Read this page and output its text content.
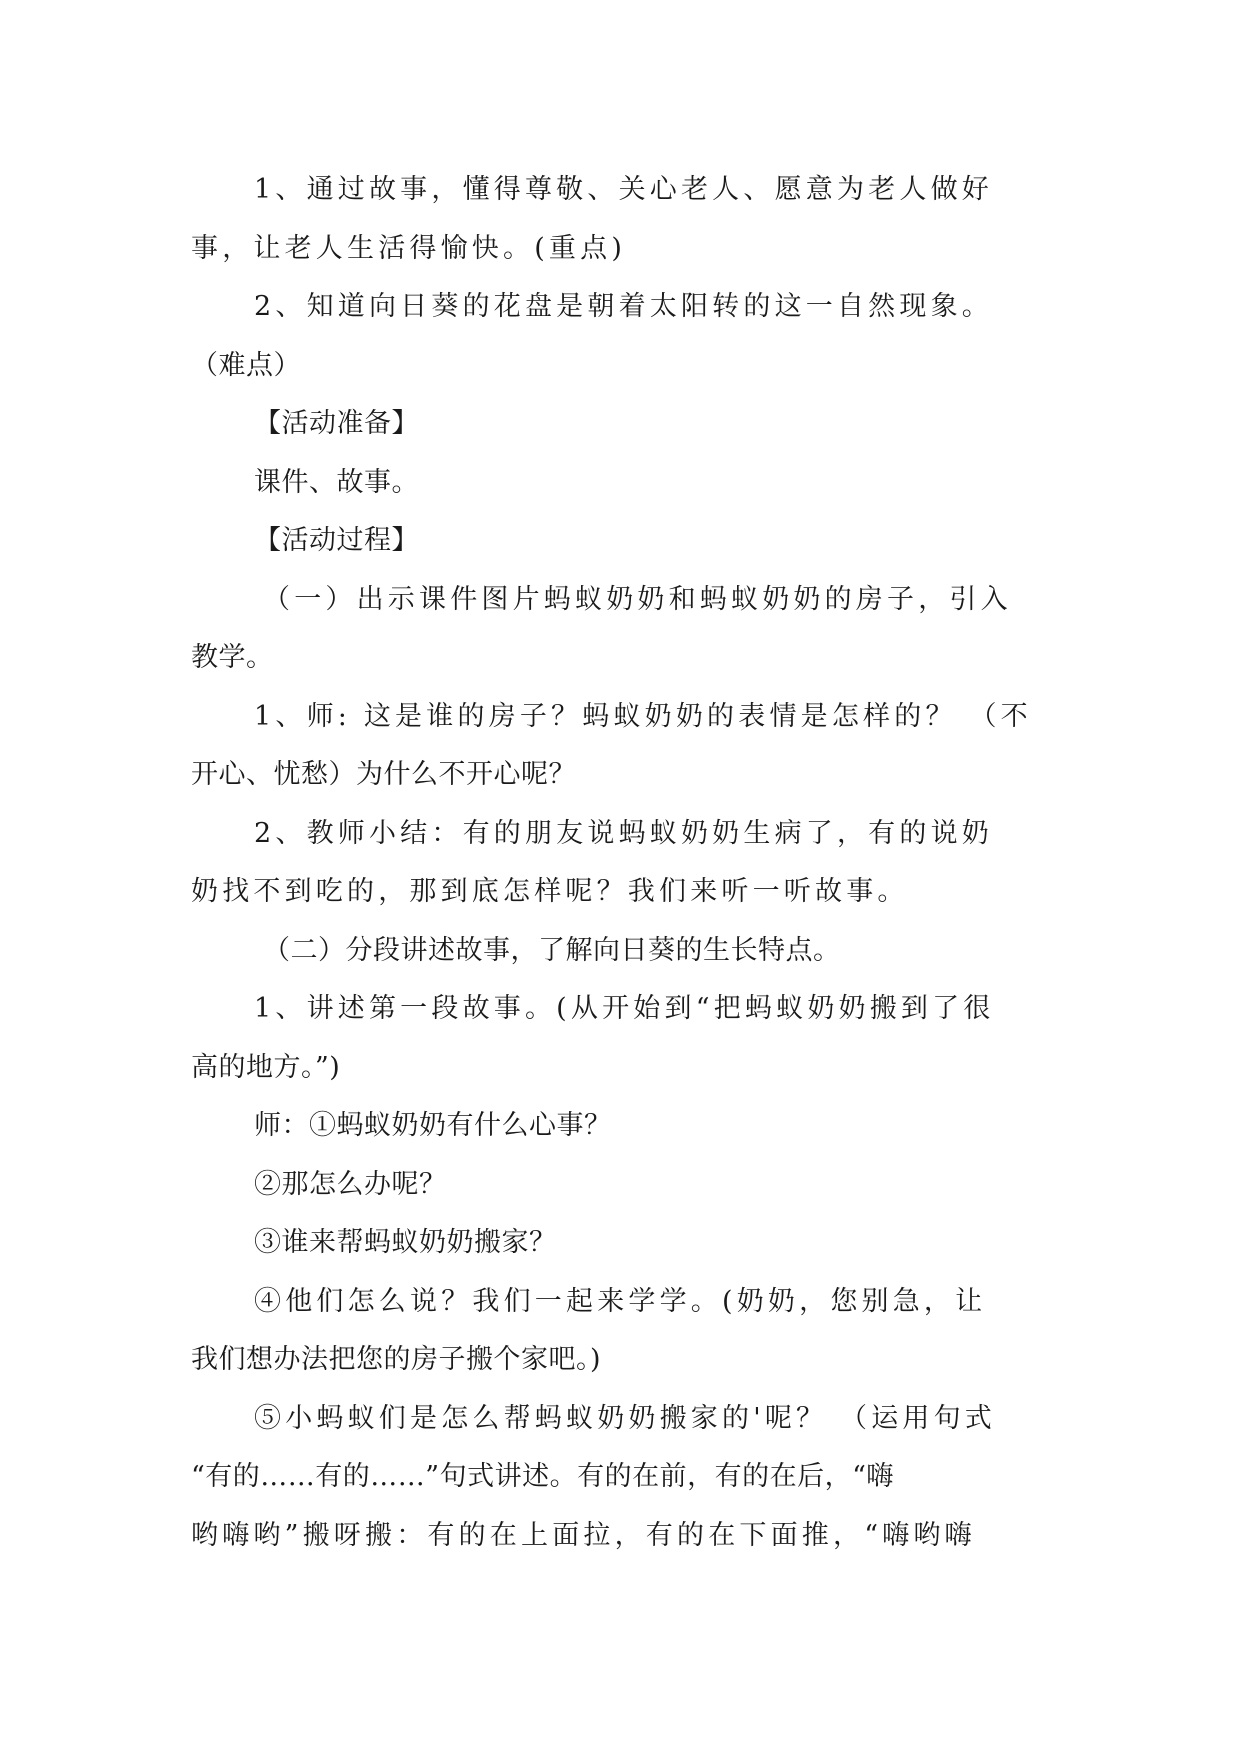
1、通过故事，懂得尊敬、关心老人、愿意为老人做好
事，让老人生活得愉快。(重点)
2、知道向日葵的花盘是朝着太阳转的这一自然现象。
（难点）
【活动准备】
课件、故事。
【活动过程】
（一）出示课件图片蚂蚁奶奶和蚂蚁奶奶的房子，引入
教学。
1、师: 这是谁的房子？蚂蚁奶奶的表情是怎样的？ （不
开心、忧愁）为什么不开心呢？
2、教师小结：有的朋友说蚂蚁奶奶生病了，有的说奶
奶找不到吃的，那到底怎样呢？我们来听一听故事。
（二）分段讲述故事，了解向日葵的生长特点。
1、讲述第一段故事。(从开始到“把蚂蚁奶奶搬到了很
高的地方。”)
师：①蚂蚁奶奶有什么心事？
②那怎么办呢？
③谁来帮蚂蚁奶奶搬家？
④他们怎么说？我们一起来学学。(奶奶，您别急，让
我们想办法把您的房子搬个家吧。)
⑤小蚂蚁们是怎么帮蚂蚁奶奶搬家的'呢？ （运用句式
“有的……有的……”句式讲述。有的在前，有的在后，“嗨
哟嗨哟”搬呀搬：有的在上面拉，有的在下面推，“嗨哟嗨
